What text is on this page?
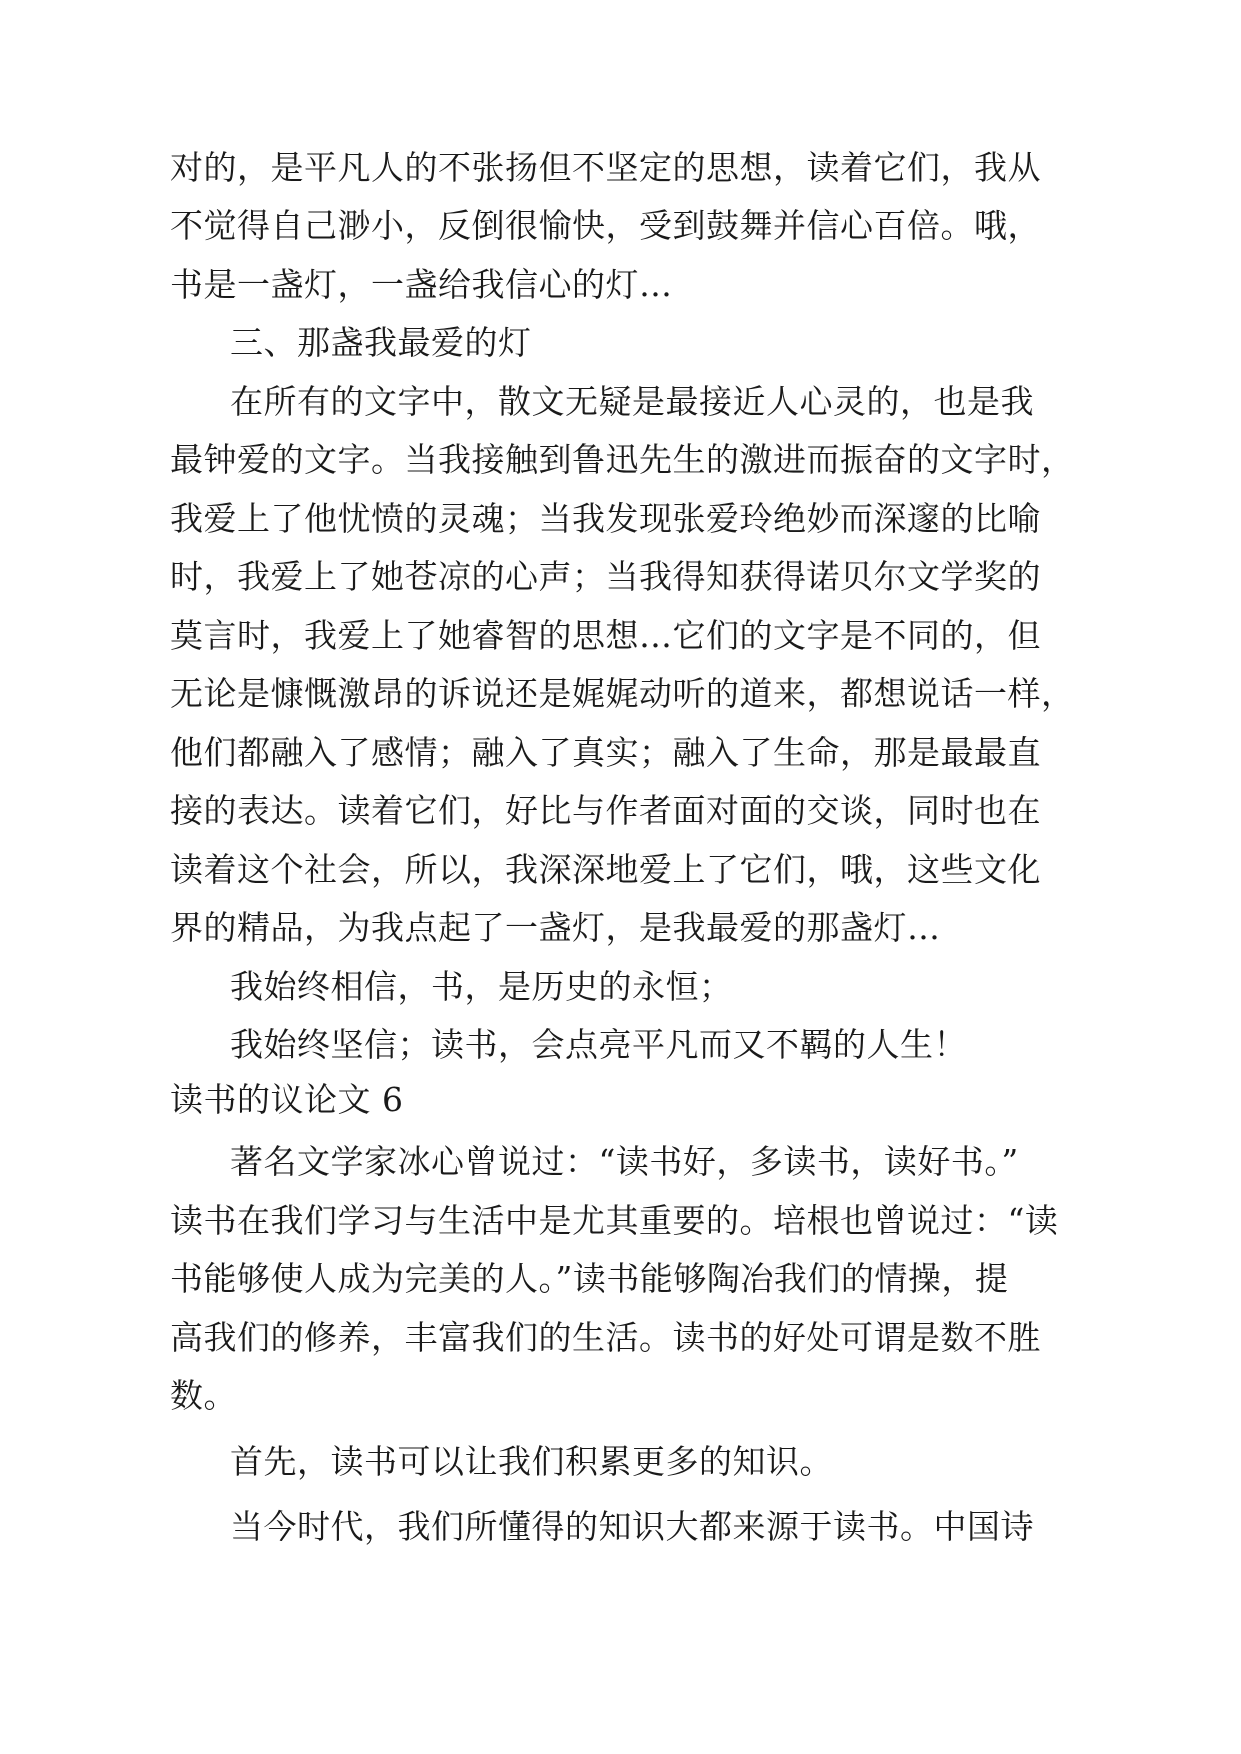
对的，是平凡人的不张扬但不坚定的思想，读着它们，我从
不觉得自己渺小，反倒很愉快，受到鼓舞并信心百倍。哦，
书是一盏灯，一盏给我信心的灯…
三、那盏我最爱的灯
在所有的文字中，散文无疑是最接近人心灵的，也是我
最钟爱的文字。当我接触到鲁迅先生的激进而振奋的文字时，
我爱上了他忧愤的灵魂；当我发现张爱玲绝妙而深邃的比喻
时，我爱上了她苍凉的心声；当我得知获得诺贝尔文学奖的
莫言时，我爱上了她睿智的思想…它们的文字是不同的，但
无论是慷慨激昂的诉说还是娓娓动听的道来，都想说话一样，
他们都融入了感情；融入了真实；融入了生命，那是最最直
接的表达。读着它们，好比与作者面对面的交谈，同时也在
读着这个社会，所以，我深深地爱上了它们，哦，这些文化
界的精品，为我点起了一盏灯，是我最爱的那盏灯…
我始终相信，书，是历史的永恒；
我始终坚信；读书，会点亮平凡而又不羁的人生！
读书的议论文 6
著名文学家冰心曾说过：“读书好，多读书，读好书。”
读书在我们学习与生活中是尤其重要的。培根也曾说过：“读
书能够使人成为完美的人。”读书能够陶冶我们的情操，提
高我们的修养，丰富我们的生活。读书的好处可谓是数不胜
数。
首先，读书可以让我们积累更多的知识。
当今时代，我们所懂得的知识大都来源于读书。中国诗
